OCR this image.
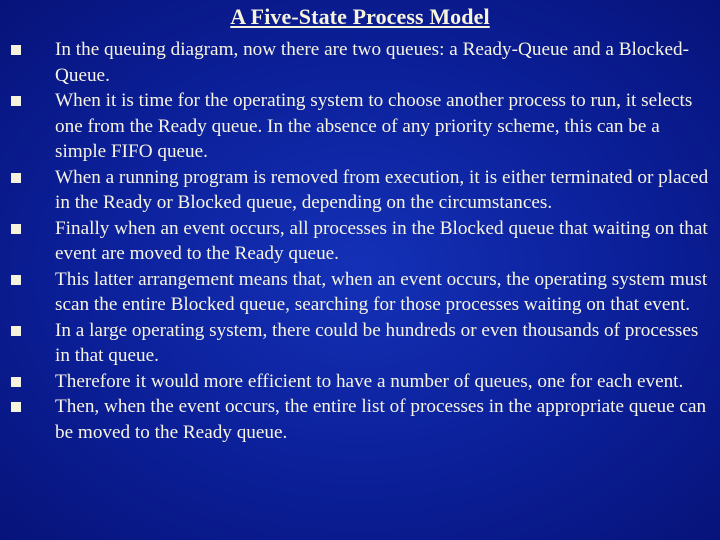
A Five-State Process Model
In the queuing diagram, now there are two queues: a Ready-Queue and a Blocked-Queue.
When it is time for the operating system to choose another process to run, it selects one from the Ready queue. In the absence of any priority scheme, this can be a simple FIFO queue.
When a running program is removed from execution, it is either terminated or placed in the Ready or Blocked queue, depending on the circumstances.
Finally when an event occurs, all processes in the Blocked queue that waiting on that event are moved to the Ready queue.
This latter arrangement means that, when an event occurs, the operating system must scan the entire Blocked queue, searching for those processes waiting on that event.
In a large operating system, there could be hundreds or even thousands of processes in that queue.
Therefore it would more efficient to have a number of queues, one for each event.
Then, when the event occurs, the entire list of processes in the appropriate queue can be moved to the Ready queue.
